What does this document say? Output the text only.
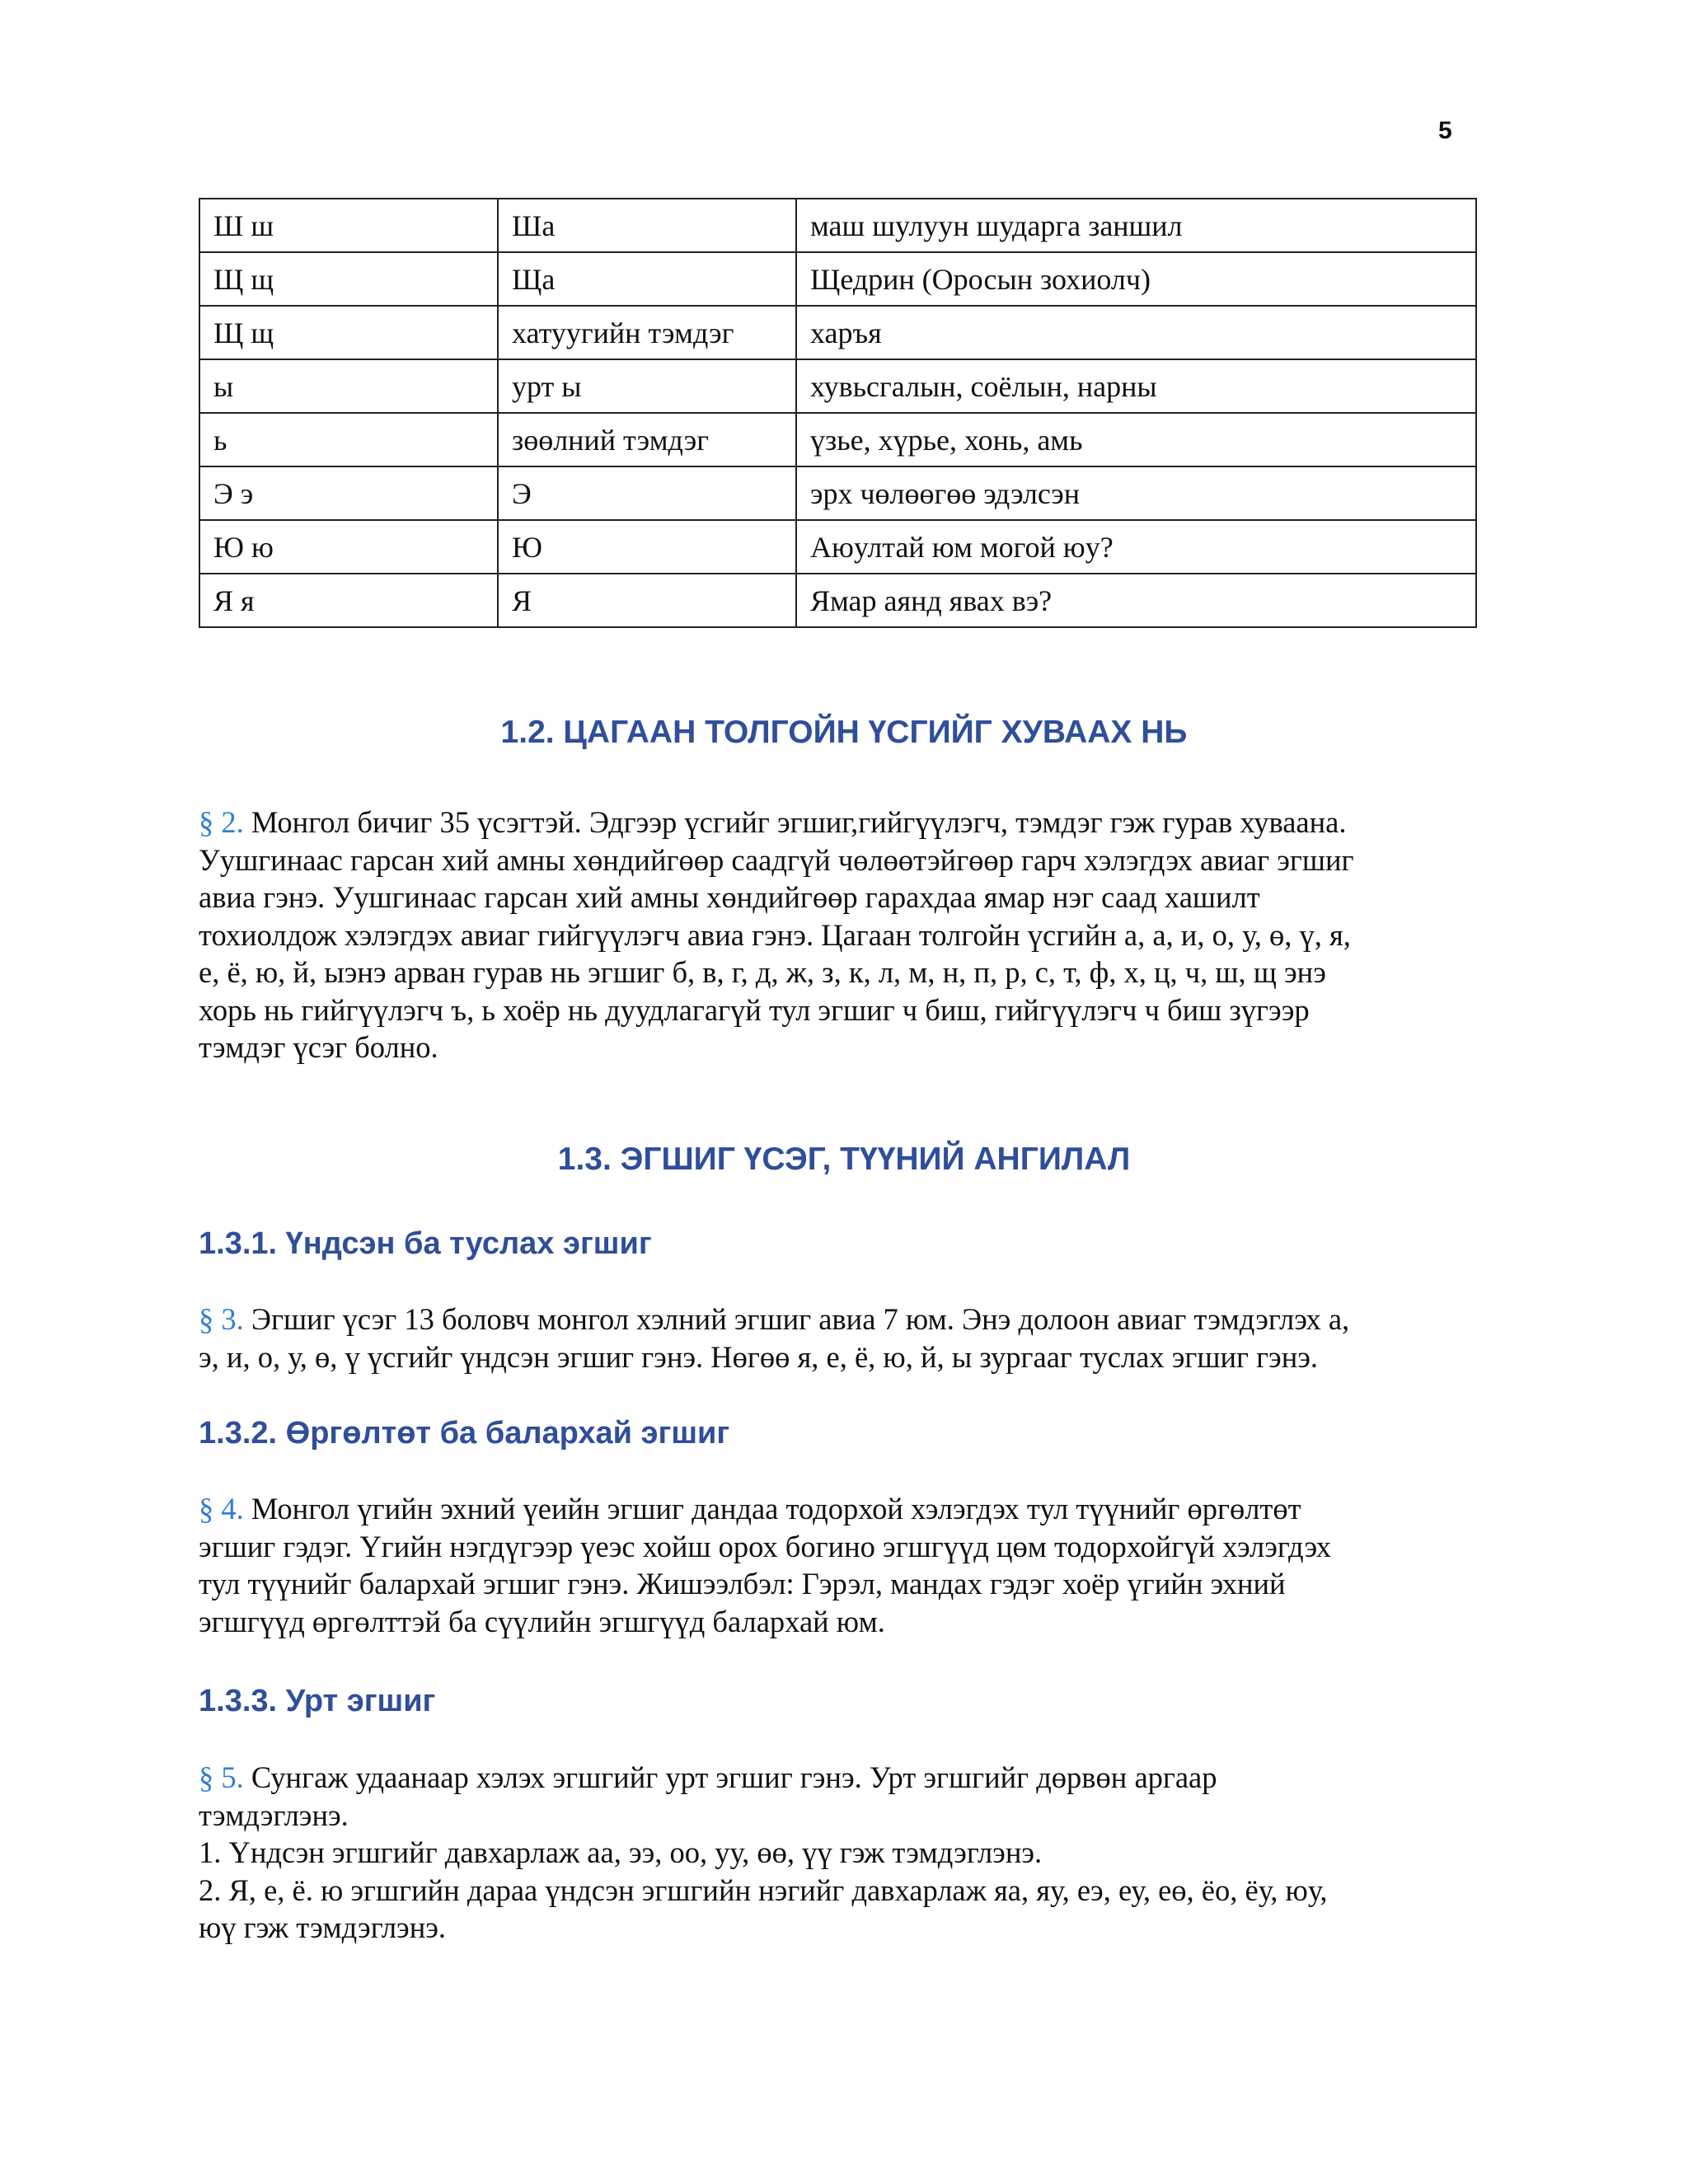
5
Ш ш	Ша	маш шулуун шударга заншил
Щ щ	Ща	Щедрин (Оросын зохиолч)
Щ щ	хатуугийн тэмдэг	харъя
ы	урт ы	хувьсгалын, соёлын, нарны
ь	зөөлний тэмдэг	үзье, хүрье, хонь, амь
Э э	Э	эрх чөлөөгөө эдэлсэн
Ю ю	Ю	Аюултай юм могой юу?
Я я	Я	Ямар аянд явах вэ?
1.2. ЦАГААН ТОЛГОЙН ҮСГИЙГ ХУВААХ НЬ

§ 2. Монгол бичиг 35 үсэгтэй. Эдгээр үсгийг эгшиг,гийгүүлэгч, тэмдэг гэж гурав хуваана.
Уушгинаас гарсан хий амны хөндийгөөр саадгүй чөлөөтэйгөөр гарч хэлэгдэх авиаг эгшиг
авиа гэнэ. Уушгинаас гарсан хий амны хөндийгөөр гарахдаа ямар нэг саад хашилт
тохиолдож хэлэгдэх авиаг гийгүүлэгч авиа гэнэ. Цагаан толгойн үсгийн а, а, и, о, у, ө, ү, я,
е, ё, ю, й, ыэнэ арван гурав нь эгшиг б, в, г, д, ж, з, к, л, м, н, п, р, с, т, ф, х, ц, ч, ш, щ энэ
хорь нь гийгүүлэгч ъ, ь хоёр нь дуудлагагүй тул эгшиг ч биш, гийгүүлэгч ч биш зүгээр
тэмдэг үсэг болно.

1.3. ЭГШИГ ҮСЭГ, ТҮҮНИЙ АНГИЛАЛ
1.3.1. Үндсэн ба туслах эгшиг

§ 3. Эгшиг үсэг 13 боловч монгол хэлний эгшиг авиа 7 юм. Энэ долоон авиаг тэмдэглэх а,
э, и, о, у, ө, ү үсгийг үндсэн эгшиг гэнэ. Нөгөө я, е, ё, ю, й, ы зургааг туслах эгшиг гэнэ.

1.3.2. Өргөлтөт ба балархай эгшиг

§ 4. Монгол үгийн эхний үеийн эгшиг дандаа тодорхой хэлэгдэх тул түүнийг өргөлтөт
эгшиг гэдэг. Үгийн нэгдүгээр үеэс хойш орох богино эгшгүүд цөм тодорхойгүй хэлэгдэх
тул түүнийг балархай эгшиг гэнэ. Жишээлбэл: Гэрэл, мандах гэдэг хоёр үгийн эхний
эгшгүүд өргөлттэй ба сүүлийн эгшгүүд балархай юм.

1.3.3. Урт эгшиг

§ 5. Сунгаж удаанаар хэлэх эгшгийг урт эгшиг гэнэ. Урт эгшгийг дөрвөн аргаар
тэмдэглэнэ.
1. Үндсэн эгшгийг давхарлаж аа, ээ, оо, уу, өө, үү гэж тэмдэглэнэ.
2. Я, е, ё. ю эгшгийн дараа үндсэн эгшгийн нэгийг давхарлаж яа, яу, еэ, еу, еө, ёо, ёу, юу,
юү гэж тэмдэглэнэ.
